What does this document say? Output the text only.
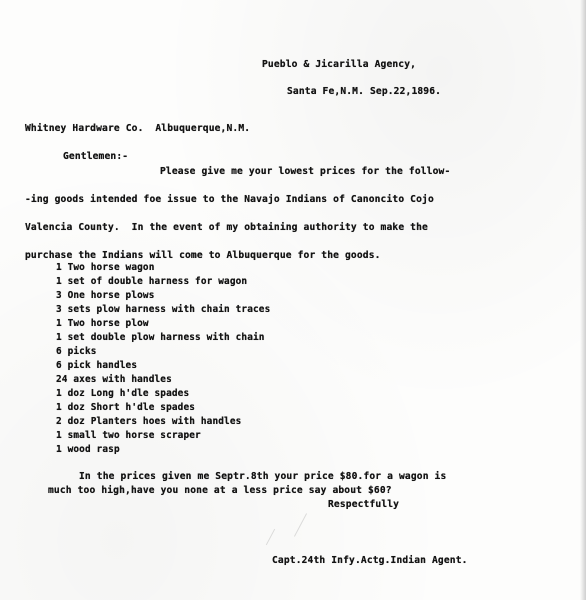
Pueblo & Jicarilla Agency,
Santa Fe,N.M. Sep.22,1896.
Whitney Hardware Co.  Albuquerque,N.M.
Gentlemen:-
Please give me your lowest prices for the follow-
-ing goods intended foe issue to the Navajo Indians of Canoncito Cojo
Valencia County.  In the event of my obtaining authority to make the
purchase the Indians will come to Albuquerque for the goods.
1 Two horse wagon
1 set of double harness for wagon
3 One horse plows
3 sets plow harness with chain traces
1 Two horse plow
1 set double plow harness with chain
6 picks
6 pick handles
24 axes with handles
1 doz Long h'dle spades
1 doz Short h'dle spades
2 doz Planters hoes with handles
1 small two horse scraper
1 wood rasp
In the prices given me Septr.8th your price $80.for a wagon is
much too high,have you none at a less price say about $60?
Respectfully
Capt.24th Infy.Actg.Indian Agent.
